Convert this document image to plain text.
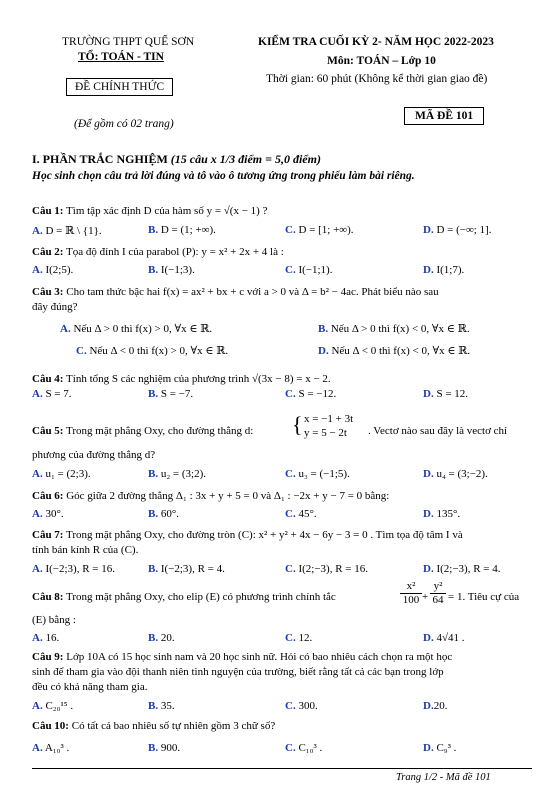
TRƯỜNG THPT QUẾ SƠN
TỔ: TOÁN - TIN
ĐỀ CHÍNH THỨC
(Để gồm có 02 trang)
KIỂM TRA CUỐI KỲ 2- NĂM HỌC 2022-2023
Môn: TOÁN – Lớp 10
Thời gian: 60 phút (Không kể thời gian giao đề)
MÃ ĐỀ 101
I. PHẦN TRẮC NGHIỆM (15 câu x 1/3 điểm = 5,0 điểm)
Học sinh chọn câu trả lời đúng và tô vào ô tương ứng trong phiếu làm bài riêng.
Câu 1: Tìm tập xác định D của hàm số y = √(x − 1) ?
A. D = ℝ \ {1}.	B. D = (1; +∞).	C. D = [1; +∞).	D. D = (−∞; 1].
Câu 2: Tọa độ đỉnh I của parabol (P): y = x² + 2x + 4 là :
A. I(2;5).	B. I(−1;3).	C. I(−1;1).	D. I(1;7).
Câu 3: Cho tam thức bậc hai f(x) = ax² + bx + c với a > 0 và Δ = b² − 4ac. Phát biểu nào sau
đây đúng?
A. Nếu Δ > 0 thì f(x) > 0, ∀x ∈ ℝ.	B. Nếu Δ > 0 thì f(x) < 0, ∀x ∈ ℝ.
C. Nếu Δ < 0 thì f(x) > 0, ∀x ∈ ℝ.	D. Nếu Δ < 0 thì f(x) < 0, ∀x ∈ ℝ.
Câu 4: Tính tổng S các nghiệm của phương trình √(3x − 8) = x − 2.
A. S = 7.	B. S = −7.	C. S = −12.	D. S = 12.
Câu 5: Trong mặt phẳng Oxy, cho đường thẳng d: { x = −1 + 3t
y = 5 − 2t	. Vectơ nào sau đây là vectơ chỉ
phương của đường thẳng d?
A. u₁ = (2;3).	B. u₂ = (3;2).	C. u₃ = (−1;5).	D. u₄ = (3;−2).
Câu 6: Góc giữa 2 đường thẳng Δ₁ : 3x + y + 5 = 0 và Δ₁ : −2x + y − 7 = 0 bằng:
A. 30°.	B. 60°.	C. 45°.	D. 135°.
Câu 7: Trong mặt phẳng Oxy, cho đường tròn (C): x² + y² + 4x − 6y − 3 = 0 . Tìm tọa độ tâm I và
tính bán kính R của (C).
A. I(−2;3), R = 16.	B. I(−2;3), R = 4.	C. I(2;−3), R = 16.	D. I(2;−3), R = 4.
Câu 8: Trong mặt phẳng Oxy, cho elip (E) có phương trình chính tắc	$\frac{\text{x²}}{100} + \frac{\text{y²}}{64} = 1$. Tiêu cự của
(E) bằng :
A. 16.	B. 20.	C. 12.	D. 4√41 .
Câu 9: Lớp 10A có 15 học sinh nam và 20 học sinh nữ. Hỏi có bao nhiêu cách chọn ra một học
sinh để tham gia vào đội thanh niên tình nguyện của trường, biết rằng tất cả các bạn trong lớp
đều có khả năng tham gia.
A. C₂₀¹⁵ .	B. 35.	C. 300.	D.20.
Câu 10: Có tất cả bao nhiêu số tự nhiên gồm 3 chữ số?
A. A₁₀³ .	B. 900.	C. C₁₀³ .	D. C₉³ .
Trang 1/2 - Mã đề 101
